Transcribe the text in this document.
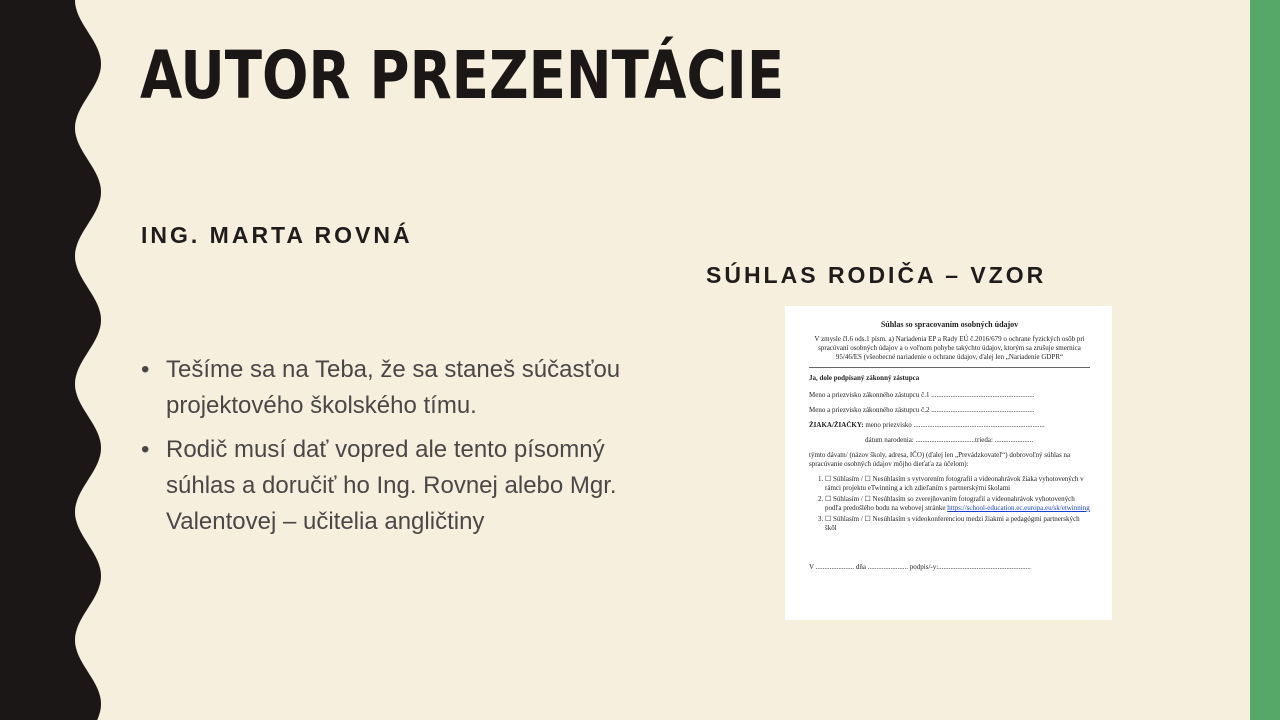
AUTOR PREZENTÁCIE
ING. MARTA ROVNÁ
• Tešíme sa na Teba, že sa staneš súčasťou projektového školského tímu.
• Rodič musí dať vopred ale tento písomný súhlas a doručiť ho Ing. Rovnej alebo Mgr. Valentovej – učitelia angličtiny
SÚHLAS RODIČA – VZOR
Súhlas so spracovaním osobných údajov
V zmysle čl.6 ods.1 písm. a) Nariadenia EP a Rady EÚ č.2016/679 o ochrane fyzických osôb pri spracúvaní osobných údajov a o voľnom pohybe takýchto údajov, ktorým sa zrušuje smernica 95/46/ES (všeobecné nariadenie o ochrane údajov, ďalej len „Nariadenie GDPR“
Ja, dole podpísaný zákonný zástupca
Meno a priezvisko zákonného zástupcu č.1 ...........................................................
Meno a priezvisko zákonného zástupcu č.2 ...........................................................
ŽIAKA/ŽIAČKY: meno priezvisko ...........................................................................
dátum narodenia: ..................................trieda: ......................
týmto dávam/ (názov školy, adresa, IČO) (ďalej len „Prevádzkovateľ“) dobrovoľný súhlas na spracúvanie osobných údajov môjho dieťaťa za účelom):
1. ☐ Súhlasím / ☐ Nesúhlasím s vytvorením fotografií a videonahrávok žiaka vyhotovených v rámci projektu eTwinning a ich zdieľaním s partnerskými školami
2. ☐ Súhlasím / ☐ Nesúhlasím so zverejňovaním fotografií a videonahrávok vyhotovených podľa predošlého bodu na webovej stránke https://school-education.ec.europa.eu/sk/etwinning
3. ☐ Súhlasím / ☐ Nesúhlasím s videokonferenciou medzi žiakmi a pedagógmi partnerských škôl
V ...................... dňa ....................... podpis/-y:.....................................................
